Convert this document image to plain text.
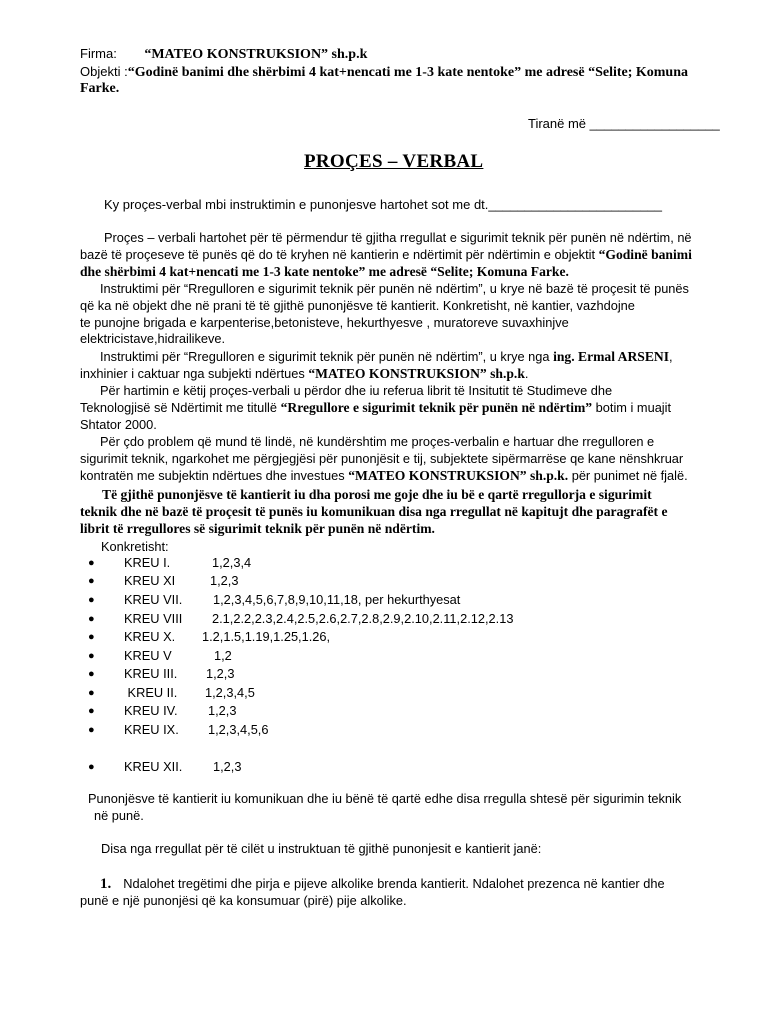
Firma: “MATEO KONSTRUKSION” sh.p.k
Objekti :“Godinë banimi dhe shërbimi 4 kat+nencati me 1-3 kate nentoke” me adresë “Selite; Komuna
Farke.
Tiranë më __________________
PROÇES – VERBAL
Ky proçes-verbal mbi instruktimin e punonjesve hartohet sot me dt.________________________
Proçes – verbali hartohet për të përmendur të gjitha rregullat e sigurimit teknik për punën në ndërtim, në
bazë të proçeseve të punës që do të kryhen në kantierin e ndërtimit për ndërtimin e objektit “Godinë banimi
dhe shërbimi 4 kat+nencati me 1-3 kate nentoke” me adresë “Selite; Komuna Farke.
Instruktimi për “Rregulloren e sigurimit teknik për punën në ndërtim”, u krye në bazë të proçesit të punës
që ka në objekt dhe në prani të të gjithë punonjësve të kantierit. Konkretisht, në kantier, vazhdojne
te punojne brigada e karpenterise,betonisteve, hekurthyesve , muratoreve suvaxhinjve
elektricistave,hidrailikeve.
Instruktimi për “Rregulloren e sigurimit teknik për punën në ndërtim”, u krye nga ing. Ermal ARSENI,
inxhinier i caktuar nga subjekti ndërtues “MATEO KONSTRUKSION” sh.p.k.
Për hartimin e këtij proçes-verbali u përdor dhe iu referua librit të Insitutit të Studimeve dhe
Teknologjisë së Ndërtimit me titullë “Rregullore e sigurimit teknik për punën në ndërtim” botim i muajit
Shtator 2000.
Për çdo problem që mund të lindë, në kundërshtim me proçes-verbalin e hartuar dhe rregulloren e
sigurimit teknik, ngarkohet me përgjegjësi për punonjësit e tij, subjektete sipërmarrëse qe kane nënshkruar
kontratën me subjektin ndërtues dhe investues “MATEO KONSTRUKSION” sh.p.k. për punimet në fjalë.
Të gjithë punonjësve të kantierit iu dha porosi me goje dhe iu bë e qartë rregullorja e sigurimit
teknik dhe në bazë të proçesit të punës iu komunikuan disa nga rregullat në kapitujt dhe paragrafët e
librit të rregullores së sigurimit teknik për punën në ndërtim.
Konkretisht:
● KREU I.	1,2,3,4
● KREU XI	1,2,3
● KREU VII. 1,2,3,4,5,6,7,8,9,10,11,18, per hekurthyesat
● KREU VIII 2.1,2.2,2.3,2.4,2.5,2.6,2.7,2.8,2.9,2.10,2.11,2.12,2.13
● KREU X. 1.2,1.5,1.19,1.25,1.26,
● KREU V	1,2
● KREU III. 1,2,3
● KREU II. 1,2,3,4,5
● KREU IV. 1,2,3
● KREU IX. 1,2,3,4,5,6
● KREU XII. 1,2,3
Punonjësve të kantierit iu komunikuan dhe iu bënë të qartë edhe disa rregulla shtesë për sigurimin teknik
në punë.
Disa nga rregullat për të cilët u instruktuan të gjithë punonjesit e kantierit janë:
1. Ndalohet tregëtimi dhe pirja e pijeve alkolike brenda kantierit. Ndalohet prezenca në kantier dhe
punë e një punonjësi që ka konsumuar (pirë) pije alkolike.
